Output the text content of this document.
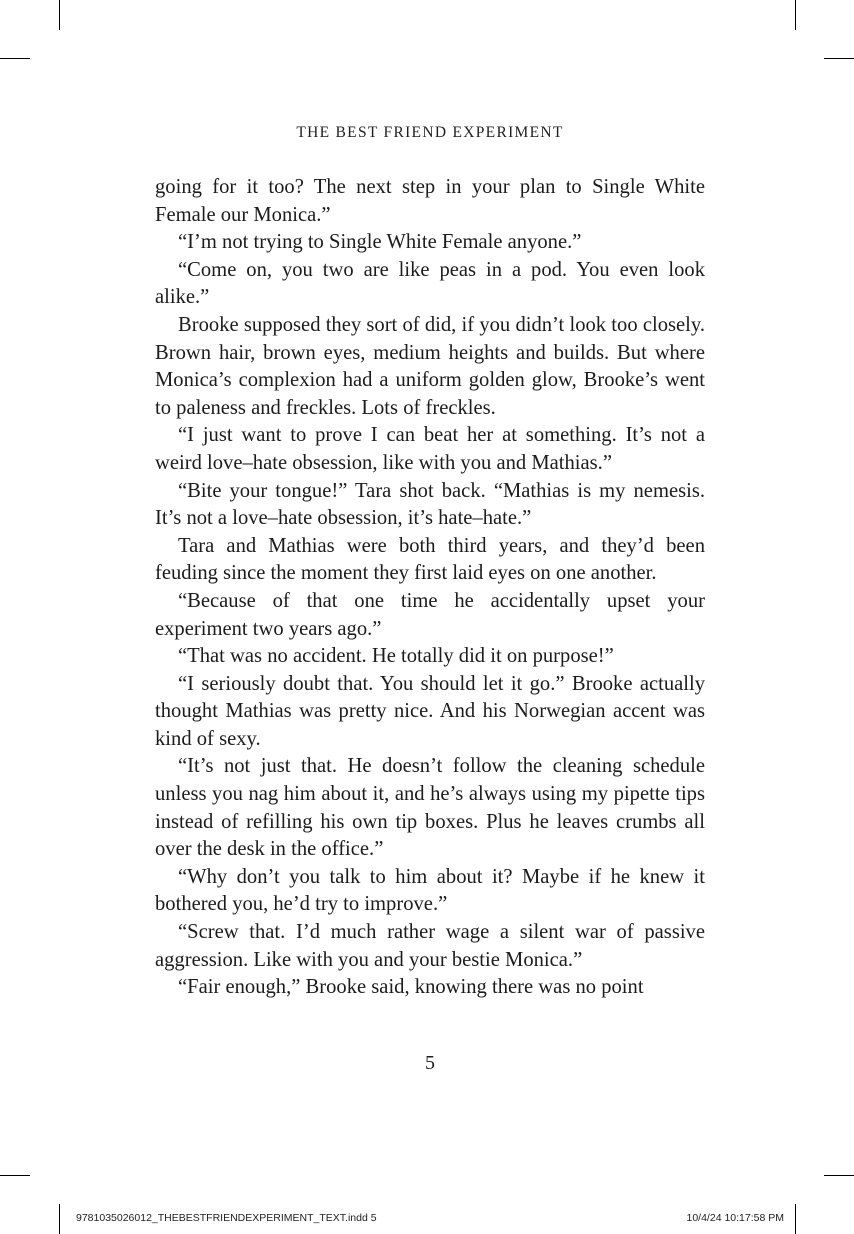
THE BEST FRIEND EXPERIMENT

going for it too? The next step in your plan to Single White Female our Monica.”

“I’m not trying to Single White Female anyone.”

“Come on, you two are like peas in a pod. You even look alike.”

Brooke supposed they sort of did, if you didn’t look too closely. Brown hair, brown eyes, medium heights and builds. But where Monica’s complexion had a uniform golden glow, Brooke’s went to paleness and freckles. Lots of freckles.

“I just want to prove I can beat her at something. It’s not a weird love–hate obsession, like with you and Mathias.”

“Bite your tongue!” Tara shot back. “Mathias is my nemesis. It’s not a love–hate obsession, it’s hate–hate.”

Tara and Mathias were both third years, and they’d been feuding since the moment they first laid eyes on one another.

“Because of that one time he accidentally upset your experiment two years ago.”

“That was no accident. He totally did it on purpose!”

“I seriously doubt that. You should let it go.” Brooke actually thought Mathias was pretty nice. And his Norwegian accent was kind of sexy.

“It’s not just that. He doesn’t follow the cleaning schedule unless you nag him about it, and he’s always using my pipette tips instead of refilling his own tip boxes. Plus he leaves crumbs all over the desk in the office.”

“Why don’t you talk to him about it? Maybe if he knew it bothered you, he’d try to improve.”

“Screw that. I’d much rather wage a silent war of passive aggression. Like with you and your bestie Monica.”

“Fair enough,” Brooke said, knowing there was no point

5
9781035026012_THEBESTFRIENDEXPERIMENT_TEXT.indd 5	10/4/24 10:17:58 PM
